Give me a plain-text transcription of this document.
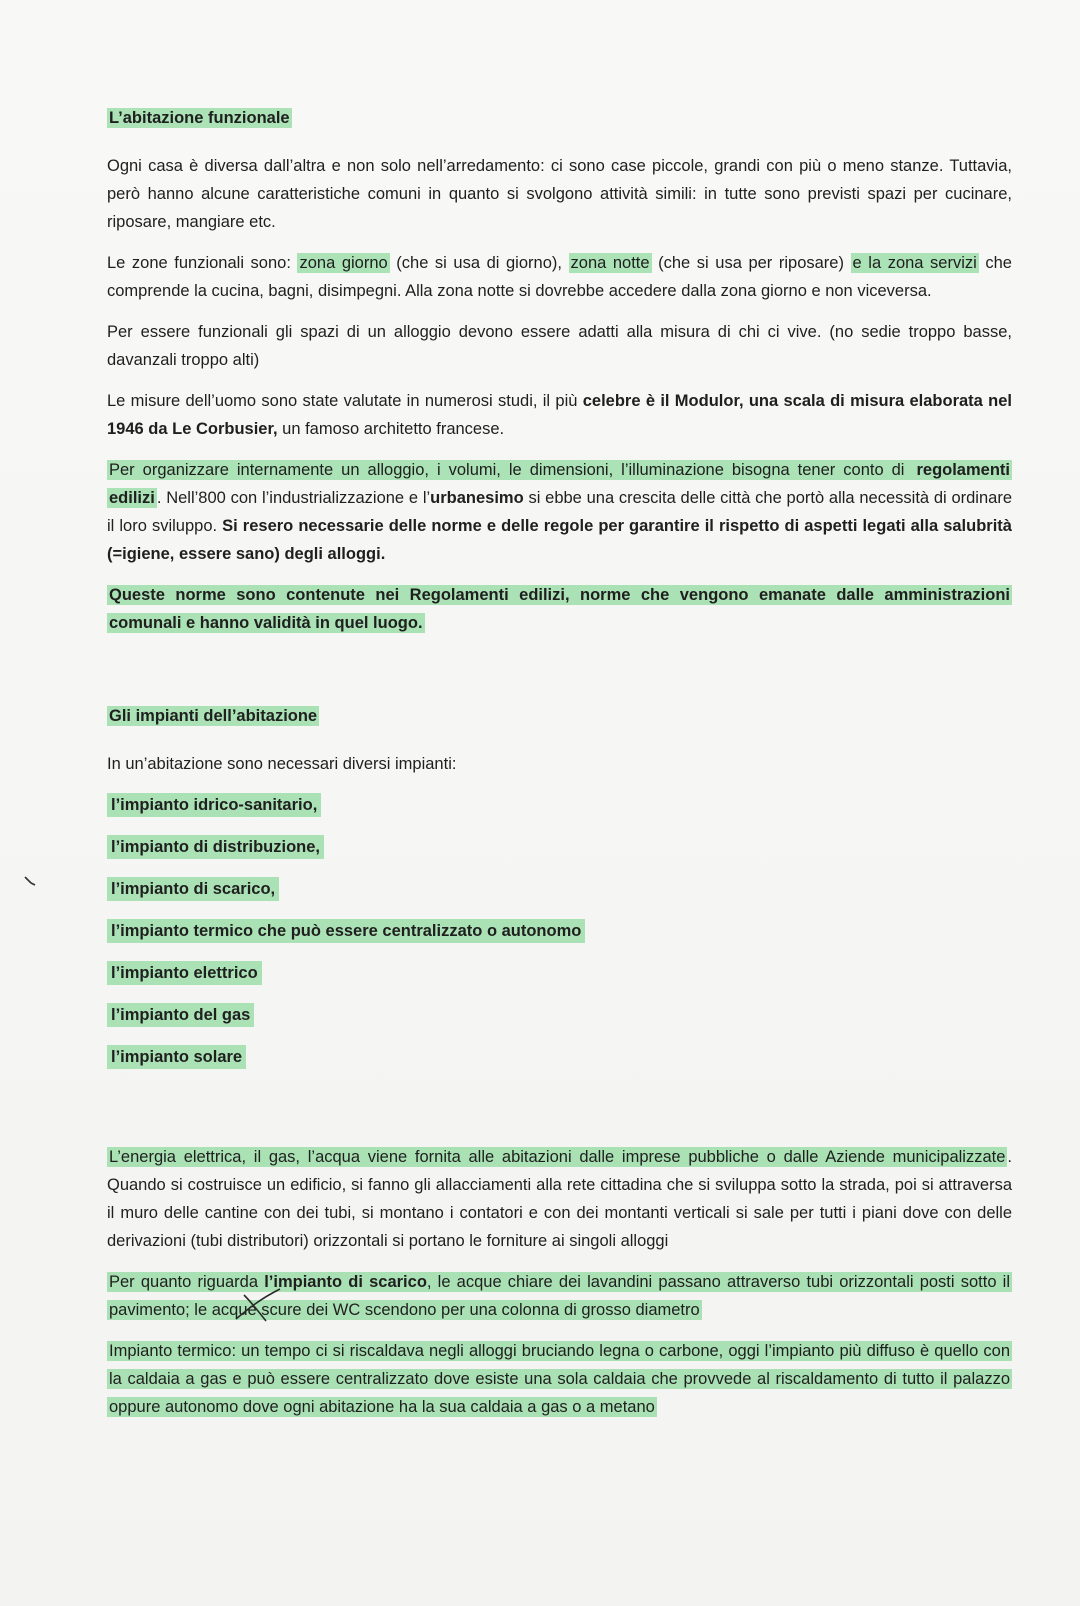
L’abitazione funzionale

Ogni casa è diversa dall’altra e non solo nell’arredamento: ci sono case piccole, grandi con più o meno stanze. Tuttavia, però hanno alcune caratteristiche comuni in quanto si svolgono attività simili: in tutte sono previsti spazi per cucinare, riposare, mangiare etc.

Le zone funzionali sono: zona giorno (che si usa di giorno), zona notte (che si usa per riposare) e la zona servizi che comprende la cucina, bagni, disimpegni. Alla zona notte si dovrebbe accedere dalla zona giorno e non viceversa.

Per essere funzionali gli spazi di un alloggio devono essere adatti alla misura di chi ci vive. (no sedie troppo basse, davanzali troppo alti)

Le misure dell’uomo sono state valutate in numerosi studi, il più celebre è il Modulor, una scala di misura elaborata nel 1946 da Le Corbusier, un famoso architetto francese.

Per organizzare internamente un alloggio, i volumi, le dimensioni, l’illuminazione bisogna tener conto di regolamenti edilizi . Nell’800 con l’industrializzazione e l’urbanesimo si ebbe una crescita delle città che portò alla necessità di ordinare il loro sviluppo. Si resero necessarie delle norme e delle regole per garantire il rispetto di aspetti legati alla salubrità (=igiene, essere sano) degli alloggi.

Queste norme sono contenute nei Regolamenti edilizi, norme che vengono emanate dalle amministrazioni comunali e hanno validità in quel luogo.

Gli impianti dell’abitazione

In un’abitazione sono necessari diversi impianti:

l’impianto idrico-sanitario,
l’impianto di distribuzione,
l’impianto di scarico,
l’impianto termico che può essere centralizzato o autonomo
l’impianto elettrico
l’impianto del gas
l’impianto solare

L’energia elettrica, il gas, l’acqua viene fornita alle abitazioni dalle imprese pubbliche o dalle Aziende municipalizzate . Quando si costruisce un edificio, si fanno gli allacciamenti alla rete cittadina che si sviluppa sotto la strada, poi si attraversa il muro delle cantine con dei tubi, si montano i contatori e con dei montanti verticali si sale per tutti i piani dove con delle derivazioni (tubi distributori) orizzontali si portano le forniture ai singoli alloggi

Per quanto riguarda l’impianto di scarico, le acque chiare dei lavandini passano attraverso tubi orizzontali posti sotto il pavimento; le acque scure dei WC scendono per una colonna di grosso diametro

Impianto termico: un tempo ci si riscaldava negli alloggi bruciando legna o carbone, oggi l’impianto più diffuso è quello con la caldaia a gas e può essere centralizzato dove esiste una sola caldaia che provvede al riscaldamento di tutto il palazzo oppure autonomo dove ogni abitazione ha la sua caldaia a gas o a metano
